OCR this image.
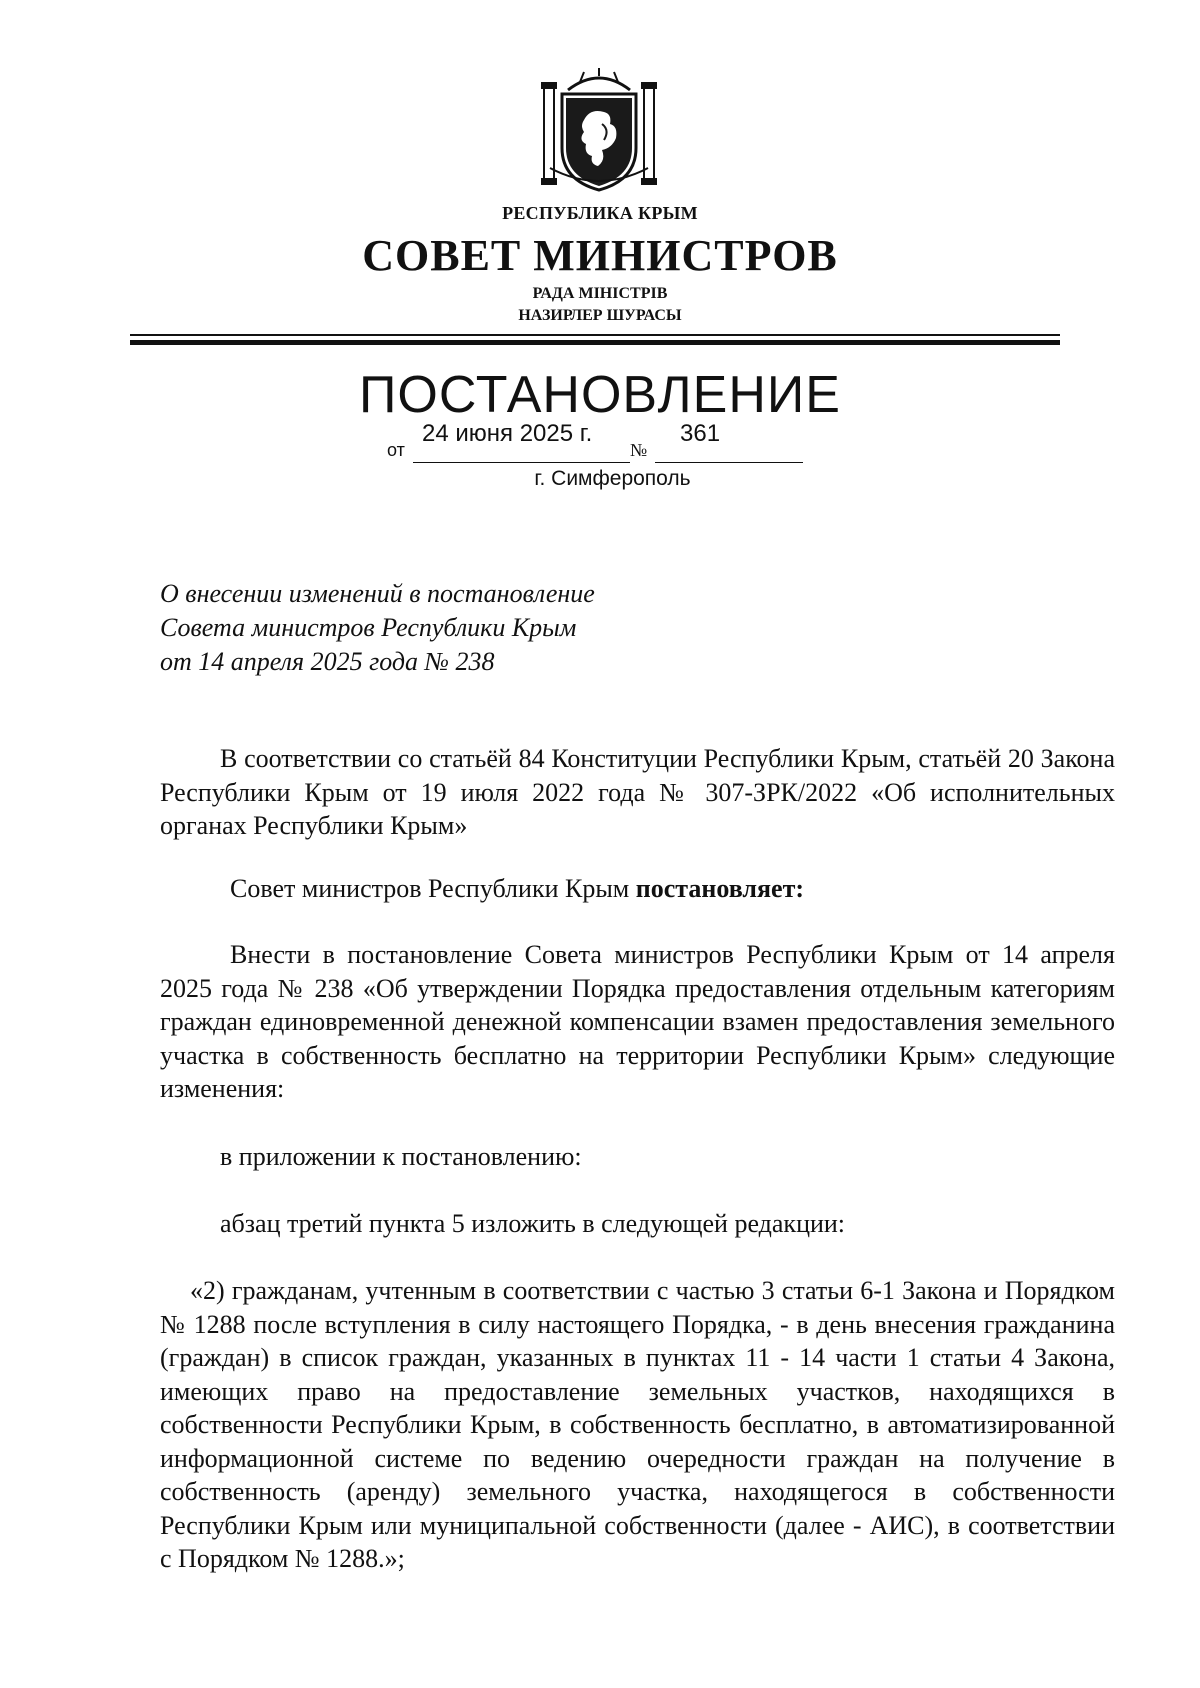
РЕСПУБЛИКА КРЫМ
СОВЕТ МИНИСТРОВ
РАДА МІНІСТРІВ
НАЗИРЛЕР ШУРАСЫ
ПОСТАНОВЛЕНИЕ
от
24 июня 2025 г.
№
361
г. Симферополь
О внесении изменений в постановление
Совета министров Республики Крым
от 14 апреля 2025 года № 238
В соответствии со статьёй 84 Конституции Республики Крым, статьёй 20 Закона Республики Крым от 19 июля 2022 года № 307-ЗРК/2022 «Об исполнительных органах Республики Крым»
Совет министров Республики Крым постановляет:
Внести в постановление Совета министров Республики Крым от 14 апреля 2025 года № 238 «Об утверждении Порядка предоставления отдельным категориям граждан единовременной денежной компенсации взамен предоставления земельного участка в собственность бесплатно на территории Республики Крым» следующие изменения:
в приложении к постановлению:
абзац третий пункта 5 изложить в следующей редакции:
«2) гражданам, учтенным в соответствии с частью 3 статьи 6-1 Закона и Порядком № 1288 после вступления в силу настоящего Порядка, - в день внесения гражданина (граждан) в список граждан, указанных в пунктах 11 - 14 части 1 статьи 4 Закона, имеющих право на предоставление земельных участков, находящихся в собственности Республики Крым, в собственность бесплатно, в автоматизированной информационной системе по ведению очередности граждан на получение в собственность (аренду) земельного участка, находящегося в собственности Республики Крым или муниципальной собственности (далее - АИС), в соответствии с Порядком № 1288.»;
